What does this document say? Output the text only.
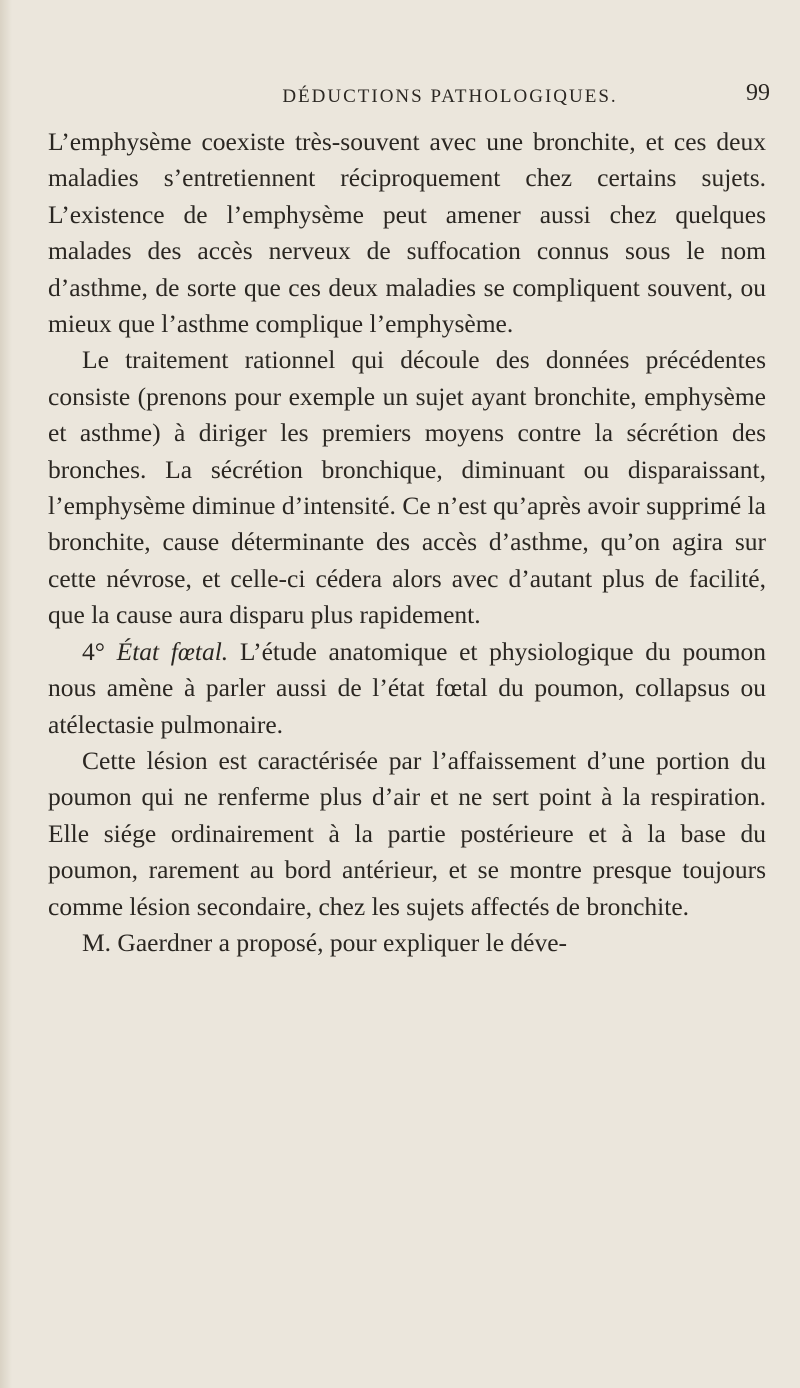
DÉDUCTIONS PATHOLOGIQUES.	99

L’emphysème coexiste très-souvent avec une bronchite, et ces deux maladies s’entretiennent réciproquement chez certains sujets. L’existence de l’emphysème peut amener aussi chez quelques malades des accès nerveux de suffocation connus sous le nom d’asthme, de sorte que ces deux maladies se compliquent souvent, ou mieux que l’asthme complique l’emphysème.

Le traitement rationnel qui découle des données précédentes consiste (prenons pour exemple un sujet ayant bronchite, emphysème et asthme) à diriger les premiers moyens contre la sécrétion des bronches. La sécrétion bronchique, diminuant ou disparaissant, l’emphysème diminue d’intensité. Ce n’est qu’après avoir supprimé la bronchite, cause déterminante des accès d’asthme, qu’on agira sur cette névrose, et celle-ci cédera alors avec d’autant plus de facilité, que la cause aura disparu plus rapidement.

4° État fœtal. L’étude anatomique et physiologique du poumon nous amène à parler aussi de l’état fœtal du poumon, collapsus ou atélectasie pulmonaire.

Cette lésion est caractérisée par l’affaissement d’une portion du poumon qui ne renferme plus d’air et ne sert point à la respiration. Elle siége ordinairement à la partie postérieure et à la base du poumon, rarement au bord antérieur, et se montre presque toujours comme lésion secondaire, chez les sujets affectés de bronchite.

M. Gaerdner a proposé, pour expliquer le déve-
